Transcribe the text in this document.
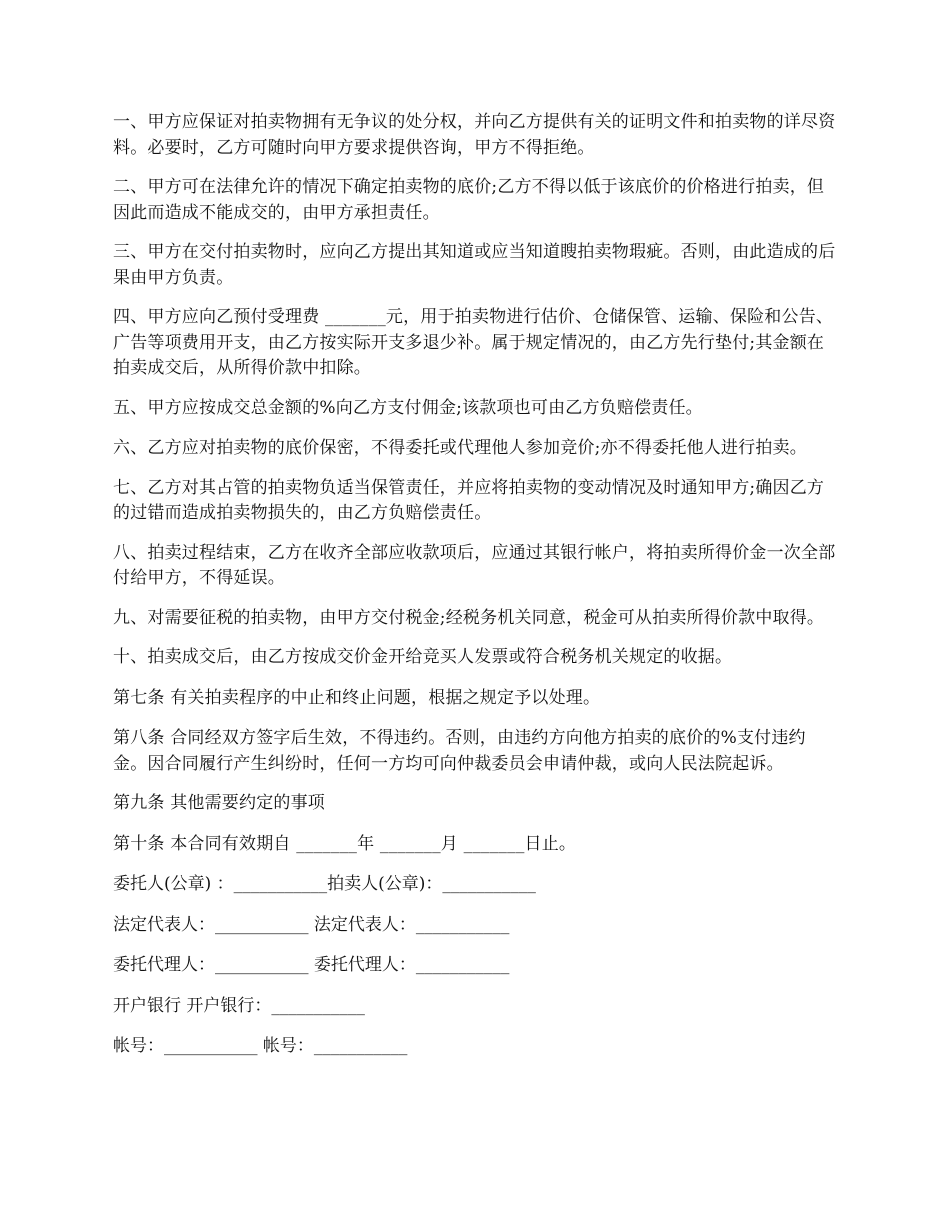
一、甲方应保证对拍卖物拥有无争议的处分权，并向乙方提供有关的证明文件和拍卖物的详尽资料。必要时，乙方可随时向甲方要求提供咨询，甲方不得拒绝。

二、甲方可在法律允许的情况下确定拍卖物的底价;乙方不得以低于该底价的价格进行拍卖，但因此而造成不能成交的，由甲方承担责任。

三、甲方在交付拍卖物时，应向乙方提出其知道或应当知道瞍拍卖物瑕疵。否则，由此造成的后果由甲方负责。

四、甲方应向乙预付受理费 _______元，用于拍卖物进行估价、仓储保管、运输、保险和公告、广告等项费用开支，由乙方按实际开支多退少补。属于规定情况的，由乙方先行垫付;其金额在拍卖成交后，从所得价款中扣除。

五、甲方应按成交总金额的%向乙方支付佣金;该款项也可由乙方负赔偿责任。

六、乙方应对拍卖物的底价保密，不得委托或代理他人参加竞价;亦不得委托他人进行拍卖。

七、乙方对其占管的拍卖物负适当保管责任，并应将拍卖物的变动情况及时通知甲方;确因乙方的过错而造成拍卖物损失的，由乙方负赔偿责任。

八、拍卖过程结束，乙方在收齐全部应收款项后，应通过其银行帐户，将拍卖所得价金一次全部付给甲方，不得延误。

九、对需要征税的拍卖物，由甲方交付税金;经税务机关同意，税金可从拍卖所得价款中取得。

十、拍卖成交后，由乙方按成交价金开给竞买人发票或符合税务机关规定的收据。

第七条 有关拍卖程序的中止和终止问题，根据之规定予以处理。

第八条 合同经双方签字后生效，不得违约。否则，由违约方向他方拍卖的底价的%支付违约金。因合同履行产生纠纷时，任何一方均可向仲裁委员会申请仲裁，或向人民法院起诉。

第九条 其他需要约定的事项

第十条 本合同有效期自 _______年 _______月 _______日止。

委托人(公章) ：___________拍卖人(公章)：___________

法定代表人：___________ 法定代表人：___________

委托代理人：___________ 委托代理人：___________

开户银行 开户银行：___________

帐号：___________ 帐号：___________
